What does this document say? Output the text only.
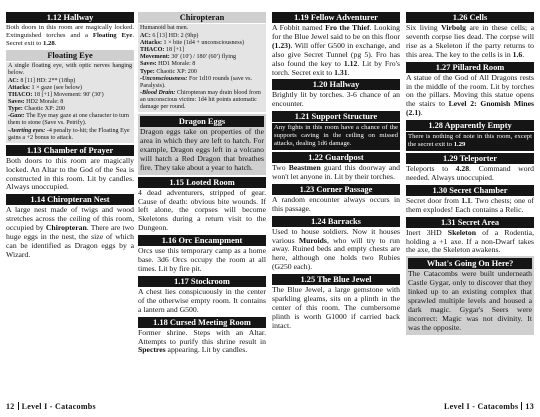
1.12 Hallway

Both doors in this room are magically locked. Extinguished torches and a Floating Eye. Secret exit to 1.28.

Floating Eye

A single floating eye, with optic nerves hanging below.

AC: 8 [11] HD: 2** (18hp)
Attacks: 1 × gaze (see below)
THACO: 18 [+1] Movement: 90′ (30′)
Saves: HD2 Morale: 8
Type: Chaotic XP: 200
-Gaze: The Eye may gaze at one character to turn them to stone (Save vs. Petrify).
-Averting eyes: -4 penalty to-hit; the Floating Eye gains a +2 bonus to attack.
1.13 Chamber of Prayer

Both doors to this room are magically locked. An Altar to the God of the Sea is constructed in this room. Lit by candles. Always unoccupied.

1.14 Chiropteran Nest

A large nest made of twigs and wood stretches across the ceiling of this room, occupied by Chiropteran. There are two huge eggs in the nest, the size of which can be identified as Dragon eggs by a Wizard.

Chiropteran

Humanoid bat men.

AC: 6 [13] HD: 2 (9hp)
Attacks: 1 × bite (1d4 + unconsciousness)
THACO: 18 [+1]
Movement: 30′ (10′) / 180′ (60′) flying
Saves: HD1 Morale: 8
Type: Chaotic XP: 200
-Unconsciousness: For 1d10 rounds (save vs. Paralysis).
-Blood Drain: Chiropteran may drain blood from an unconscious victim: 1d4 hit points automatic damage per round.
Dragon Eggs

Dragon eggs take on properties of the area in which they are left to hatch. For example, Dragon eggs left in a volcano will hatch a Red Dragon that breathes fire. They take about a year to hatch.

1.15 Looted Room

4 dead adventurers, stripped of gear. Cause of death: obvious bite wounds. If left alone, the corpses will become Skeletons during a return visit to the Dungeon.

1.16 Orc Encampment

Orcs use this temporary camp as a home base. 3d6 Orcs occupy the room at all times. Lit by fire pit.

1.17 Stockroom

A chest lies conspicuously in the center of the otherwise empty room. It contains a lantern and Ǥ500.

1.18 Cursed Meeting Room

Former shrine. Steps with an Altar. Attempts to purify this shrine result in Spectres appearing. Lit by candles.

12 Level I - Catacombs
1.19 Fellow Adventurer

A Fobbit named Fro the Thief. Looking for the Blue Jewel said to be on this floor (1.23). Will offer Ǥ500 in exchange, and also give Secret Tunnel (pg 5). Fro has also found the key to 1.12. Lit by Fro's torch. Secret exit to 1.31.

1.20 Hallway

Brightly lit by torches. 3-6 chance of an encounter.

1.21 Support Structure

Any fights in this room have a chance of the supports caving in the ceiling on missed attacks, dealing 1d6 damage.

1.22 Guardpost

Two Beastmen guard this doorway and won't let anyone in. Lit by their torches.

1.23 Corner Passage

A random encounter always occurs in this passage.

1.24 Barracks

Used to house soldiers. Now it houses various Muroids, who will try to run away. Ruined beds and empty chests are here, although one holds two Rubies (Ǥ250 each).

1.25 The Blue Jewel

The Blue Jewel, a large gemstone with sparkling gleams, sits on a plinth in the center of this room. The cumbersome plinth is worth Ǥ1000 if carried back intact.

1.26 Cells

Six living Virbolg are in these cells; a seventh corpse lies dead. The corpse will rise as a Skeleton if the party returns to this area. The key to the cells is in 1.6.

1.27 Pillared Room

A statue of the God of All Dragons rests in the middle of the room. Lit by torches on the pillars. Moving this statue opens the stairs to Level 2: Gnomish Mines (2.1).

1.28 Apparently Empty

There is nothing of note in this room, except the secret exit to 1.29

1.29 Teleporter

Teleports to 4.28. Command word needed. Always unoccupied.

1.30 Secret Chamber

Secret door from 1.1. Two chests; one of them explodes! Each contains a Relic.

1.31 Secret Area

Inert 3HD Skeleton of a Rodentia, holding a +1 axe. If a non-Dwarf takes the axe, the Skeleton awakens.

What's Going On Here?

The Catacombs were built underneath Castle Gygar, only to discover that they linked up to an existing complex that sprawled multiple levels and housed a dark magic. Gygar's Seers were incorrect: Magic was not divinity. It was the opposite.

Level I - Catacombs 13
